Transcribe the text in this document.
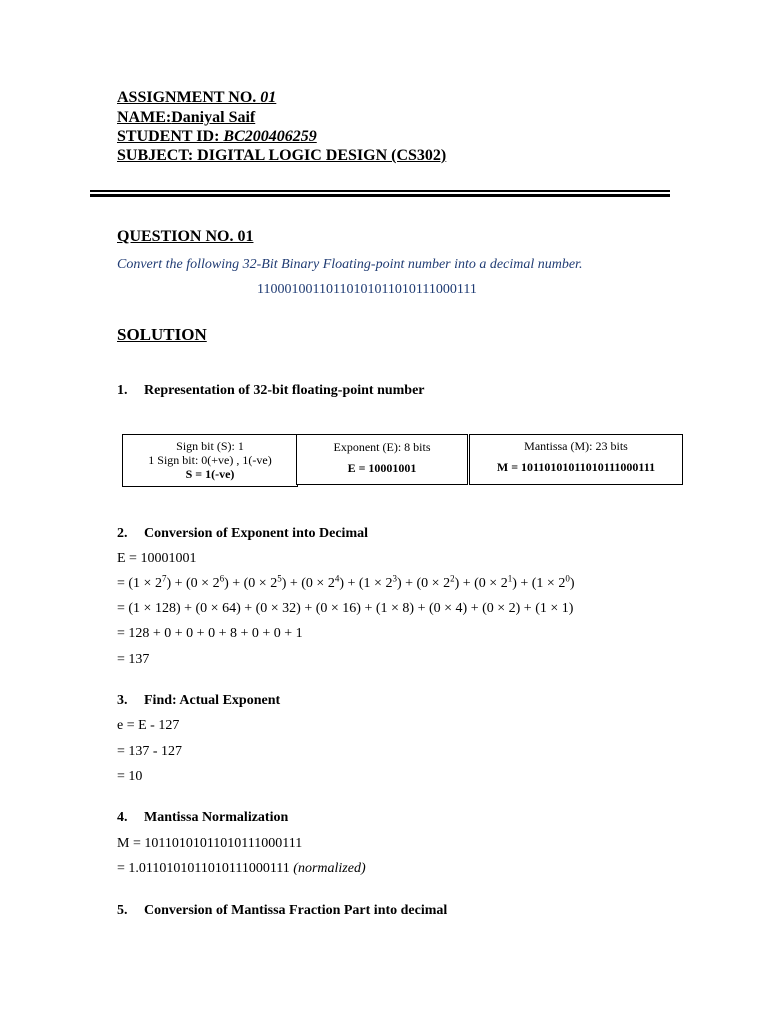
ASSIGNMENT NO. 01
NAME:Daniyal Saif
STUDENT ID: BC200406259
SUBJECT: DIGITAL LOGIC DESIGN (CS302)
QUESTION NO. 01
Convert the following 32-Bit Binary Floating-point number into a decimal number.
11000100110110101011010111000111
SOLUTION
1. Representation of 32-bit floating-point number
Sign bit (S): 1
1 Sign bit: 0(+ve) , 1(-ve)
S = 1(-ve)
Exponent (E): 8 bits
E = 10001001
Mantissa (M): 23 bits
M = 10110101011010111000111
2. Conversion of Exponent into Decimal
E = 10001001
= $(1 \times 2^7) + (0 \times 2^6) + (0 \times 2^5) + (0 \times 2^4) + (1 \times 2^3) + (0 \times 2^2) + (0 \times 2^1) + (1 \times 2^0)$
= (1 × 128) + (0 × 64) + (0 × 32) + (0 × 16) + (1 × 8) + (0 × 4) + (0 × 2) + (1 × 1)
= 128 + 0 + 0 + 0 + 8 + 0 + 0 + 1
= 137
3. Find: Actual Exponent
e = E - 127
= 137 - 127
= 10
4. Mantissa Normalization
M = 10110101011010111000111
= 1.0110101011010111000111 (normalized)
5. Conversion of Mantissa Fraction Part into decimal
